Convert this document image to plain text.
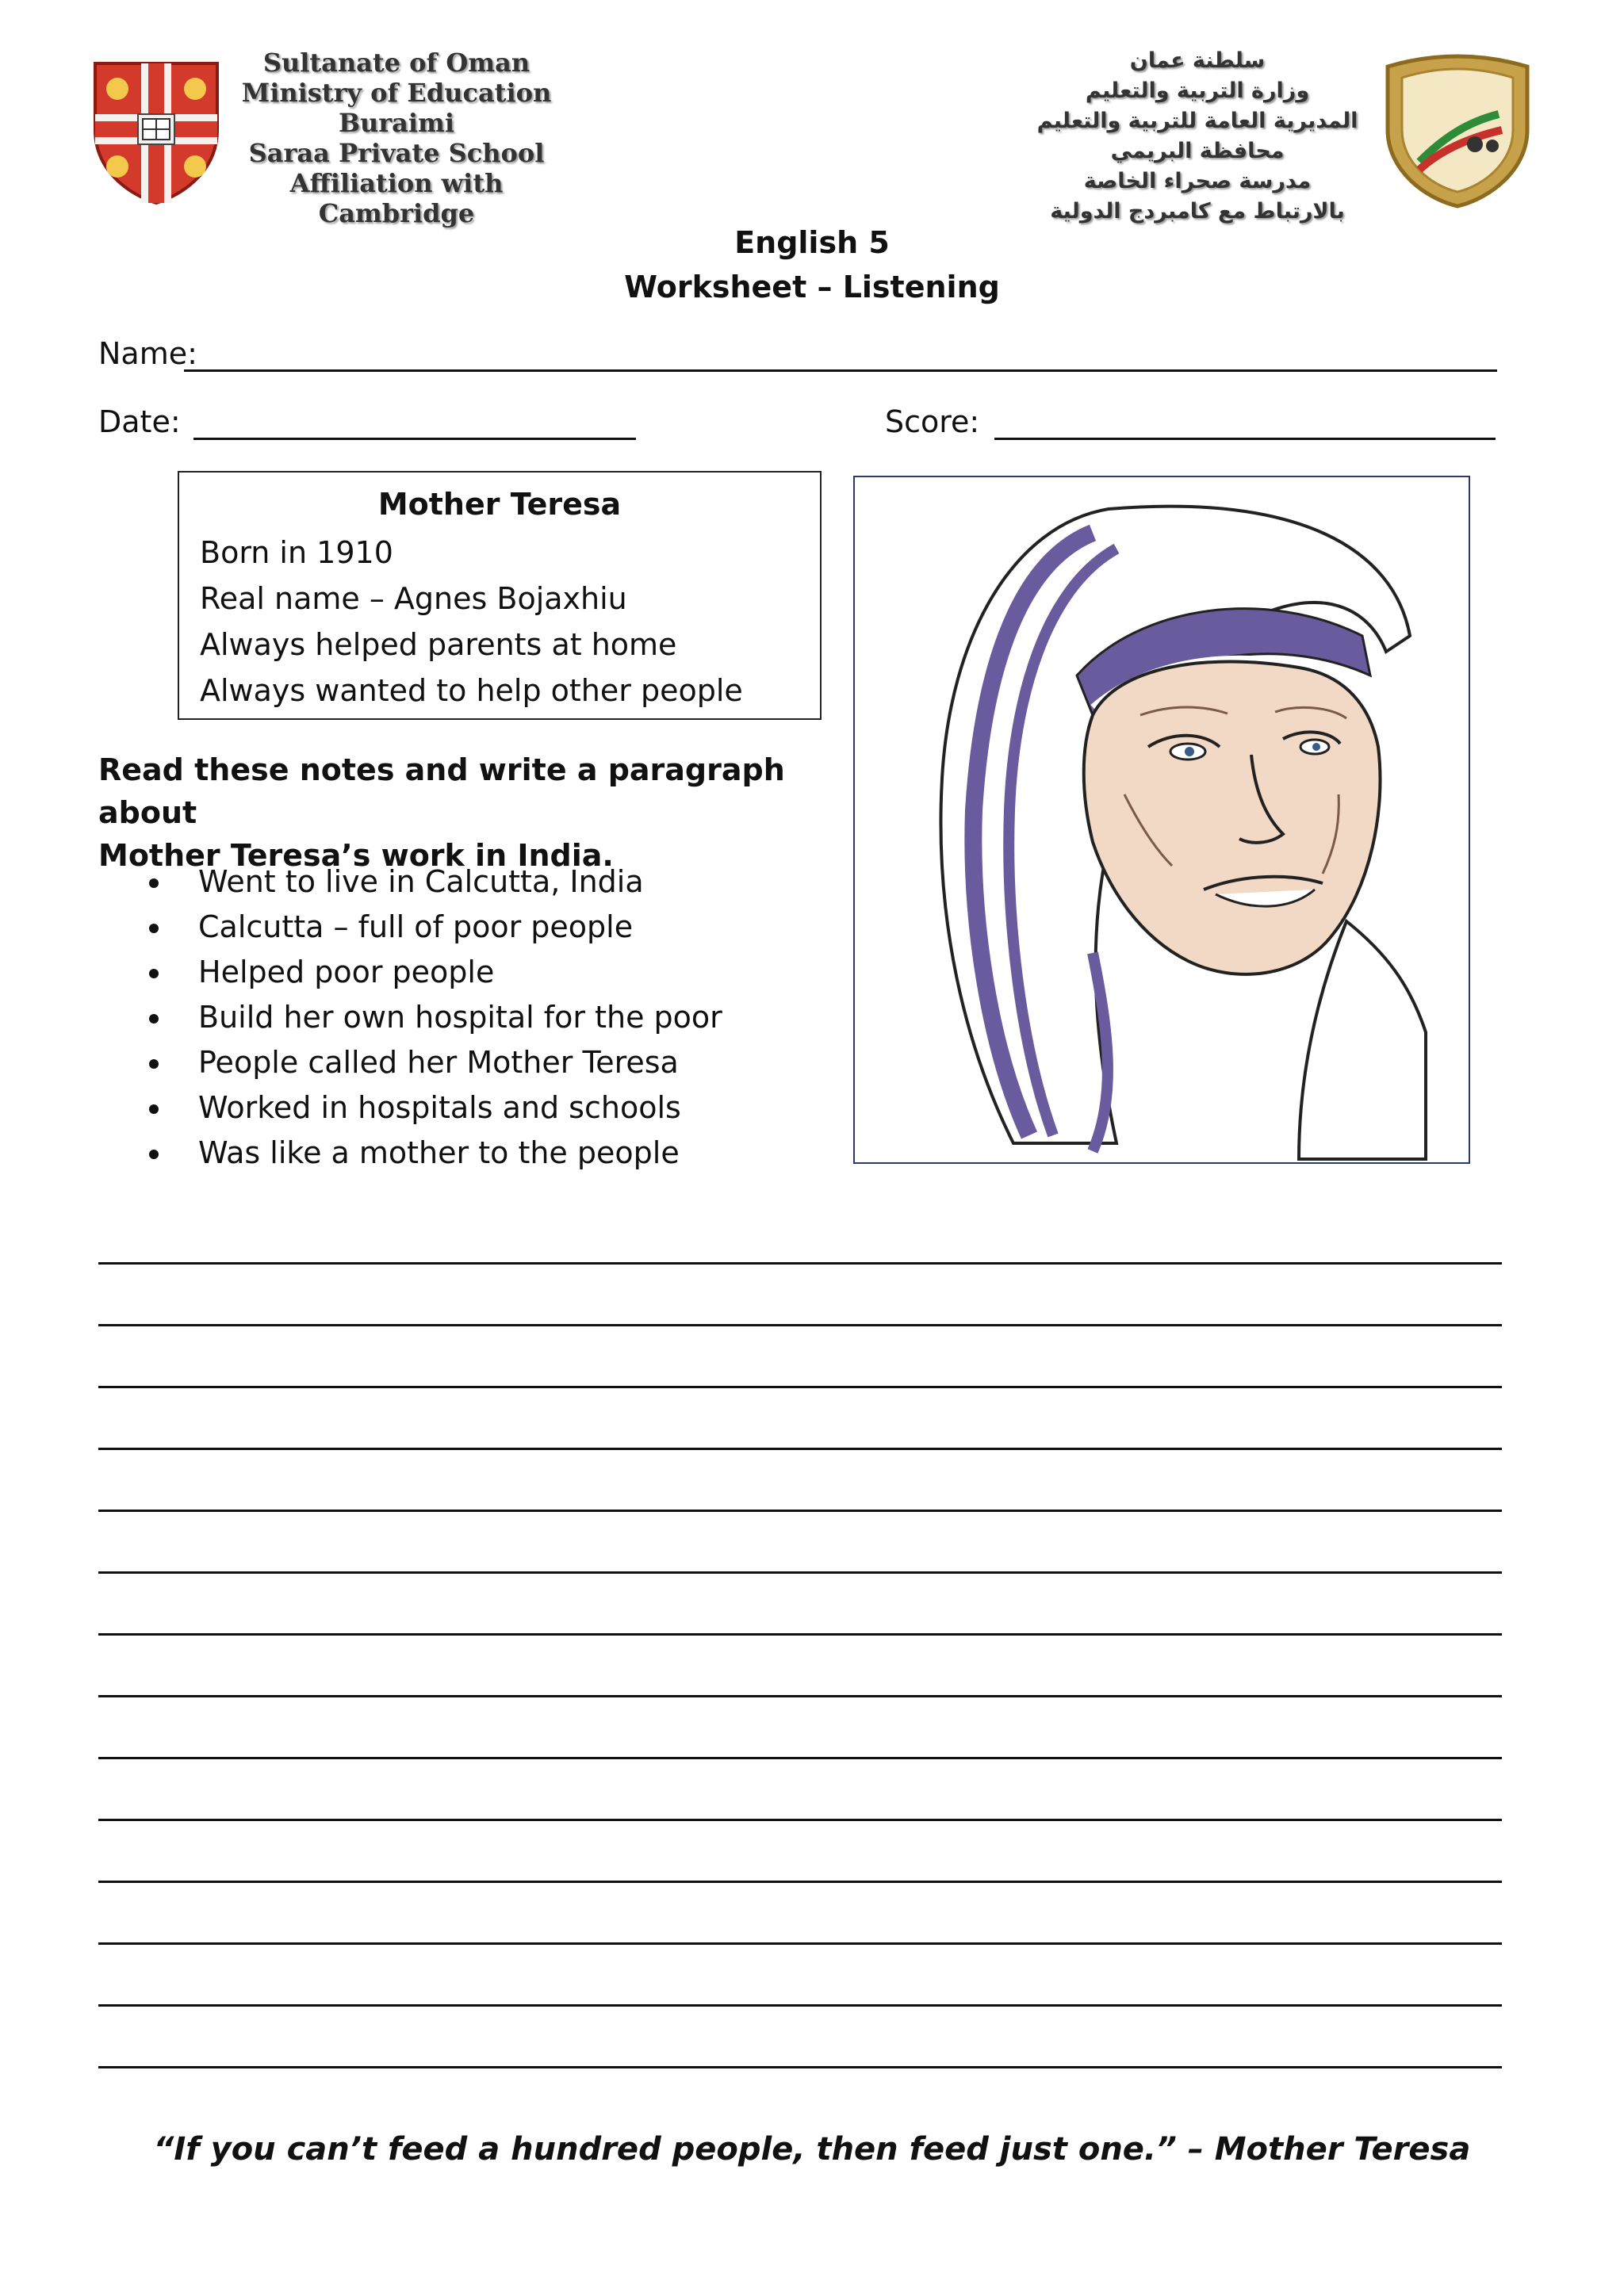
Sultanate of Oman
Ministry of Education
Buraimi
Saraa Private School
Affiliation with Cambridge
سلطنة عمان
وزارة التربية والتعليم
المديرية العامة للتربية والتعليم
محافظة البريمي
مدرسة صحراء الخاصة
بالارتباط مع كامبردج الدولية
English 5
Worksheet – Listening
Name:
Date:	Score:
Mother Teresa
Born in 1910
Real name – Agnes Bojaxhiu
Always helped parents at home
Always wanted to help other people
Read these notes and write a paragraph about
Mother Teresa’s work in India.
Went to live in Calcutta, India
Calcutta – full of poor people
Helped poor people
Build her own hospital for the poor
People called her Mother Teresa
Worked in hospitals and schools
Was like a mother to the people
“If you can’t feed a hundred people, then feed just one.” – Mother Teresa
